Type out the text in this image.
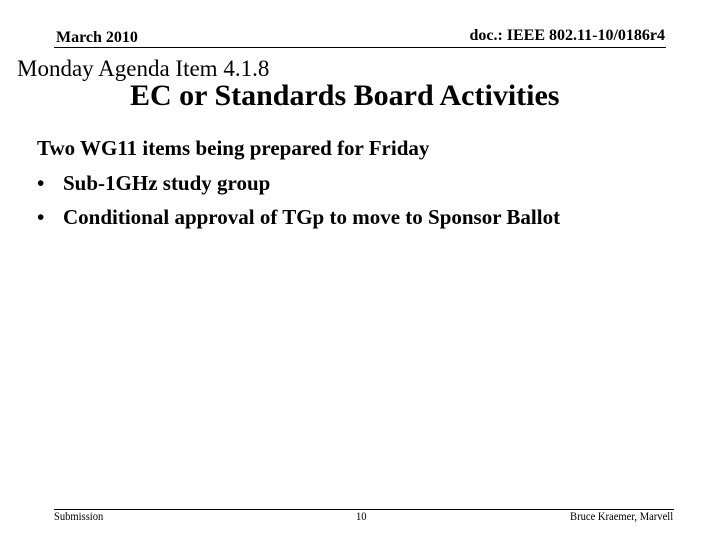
March 2010	doc.: IEEE 802.11-10/0186r4
Monday Agenda Item 4.1.8
EC or Standards Board Activities
Two WG11 items being prepared for Friday
• Sub-1GHz study group
• Conditional approval of TGp to move to Sponsor Ballot
Submission	10	Bruce Kraemer, Marvell
